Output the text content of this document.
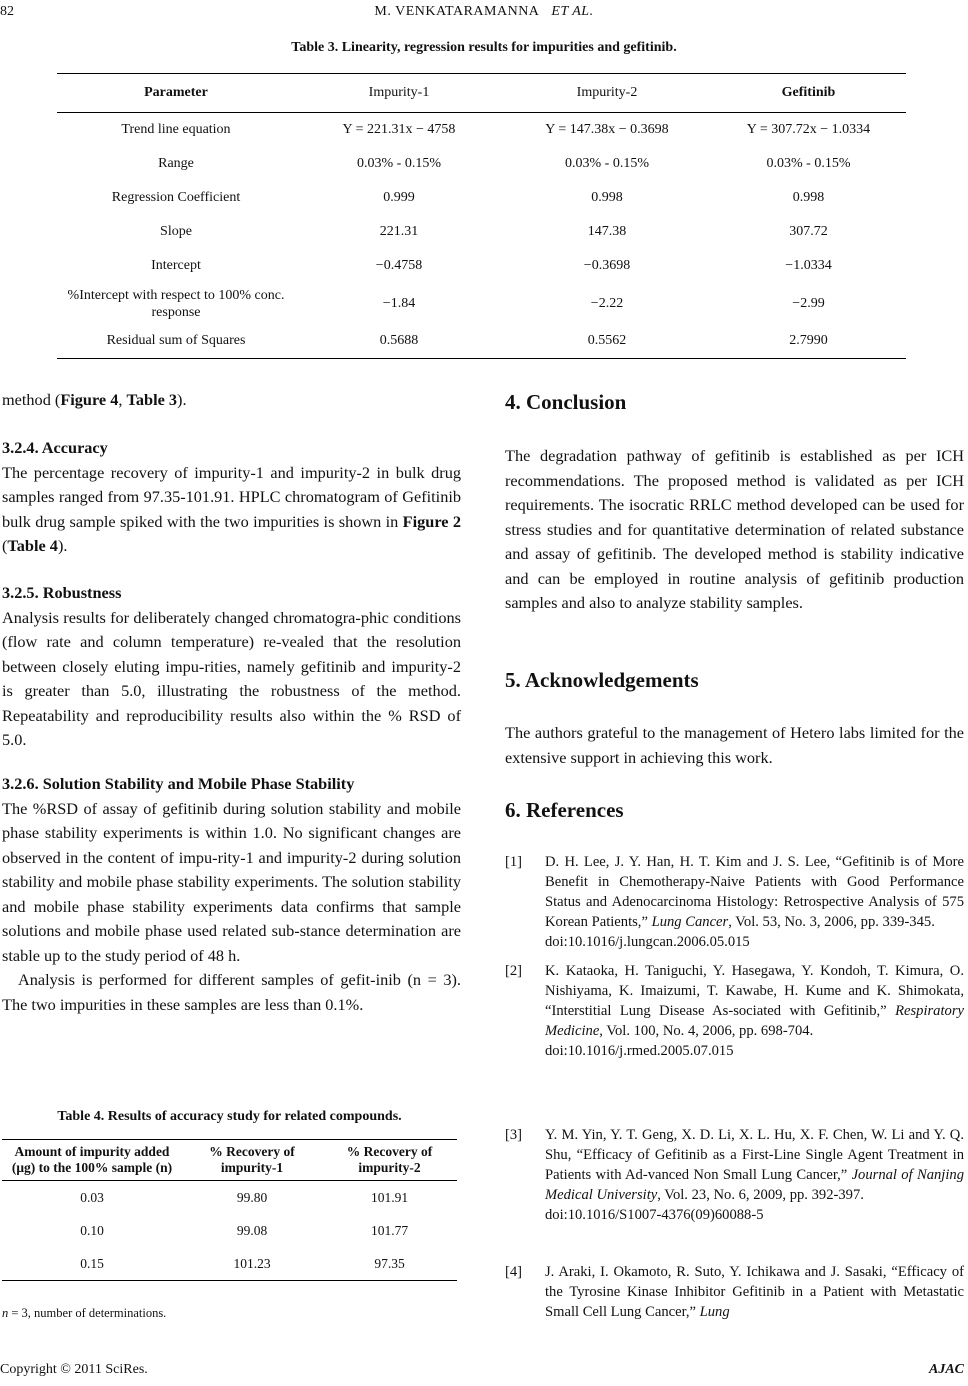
82	M. VENKATARAMANNA ET AL.
Table 3. Linearity, regression results for impurities and gefitinib.
Parameter	Impurity-1	Impurity-2	Gefitinib
Trend line equation	Y = 221.31x − 4758	Y = 147.38x − 0.3698	Y = 307.72x − 1.0334
Range	0.03% - 0.15%	0.03% - 0.15%	0.03% - 0.15%
Regression Coefficient	0.999	0.998	0.998
Slope	221.31	147.38	307.72
Intercept	−0.4758	−0.3698	−1.0334
%Intercept with respect to 100% conc. response	−1.84	−2.22	−2.99
Residual sum of Squares	0.5688	0.5562	2.7990

method (Figure 4, Table 3).

3.2.4. Accuracy

The percentage recovery of impurity-1 and impurity-2 in bulk drug samples ranged from 97.35-101.91. HPLC chromatogram of Gefitinib bulk drug sample spiked with the two impurities is shown in Figure 2 (Table 4).

3.2.5. Robustness

Analysis results for deliberately changed chromatogra-phic conditions (flow rate and column temperature) re-vealed that the resolution between closely eluting impu-rities, namely gefitinib and impurity-2 is greater than 5.0, illustrating the robustness of the method. Repeatability and reproducibility results also within the % RSD of 5.0.

3.2.6. Solution Stability and Mobile Phase Stability

The %RSD of assay of gefitinib during solution stability and mobile phase stability experiments is within 1.0. No significant changes are observed in the content of impu-rity-1 and impurity-2 during solution stability and mobile phase stability experiments. The solution stability and mobile phase stability experiments data confirms that sample solutions and mobile phase used related sub-stance determination are stable up to the study period of 48 h.

Analysis is performed for different samples of gefit-inib (n = 3). The two impurities in these samples are less than 0.1%.

Table 4. Results of accuracy study for related compounds.
Amount of impurity added (μg) to the 100% sample (n)	% Recovery of impurity-1	% Recovery of impurity-2
0.03	99.80	101.91
0.10	99.08	101.77
0.15	101.23	97.35
n = 3, number of determinations.
4. Conclusion
The degradation pathway of gefitinib is established as per ICH recommendations. The proposed method is validated as per ICH requirements. The isocratic RRLC method developed can be used for stress studies and for quantitative determination of related substance and assay of gefitinib. The developed method is stability indicative and can be employed in routine analysis of gefitinib production samples and also to analyze stability samples.
5. Acknowledgements
The authors grateful to the management of Hetero labs limited for the extensive support in achieving this work.
6. References
[1] D. H. Lee, J. Y. Han, H. T. Kim and J. S. Lee, “Gefitinib is of More Benefit in Chemotherapy-Naive Patients with Good Performance Status and Adenocarcinoma Histology: Retrospective Analysis of 575 Korean Patients,” Lung Cancer, Vol. 53, No. 3, 2006, pp. 339-345.
doi:10.1016/j.lungcan.2006.05.015
[2] K. Kataoka, H. Taniguchi, Y. Hasegawa, Y. Kondoh, T. Kimura, O. Nishiyama, K. Imaizumi, T. Kawabe, H. Kume and K. Shimokata, “Interstitial Lung Disease As-sociated with Gefitinib,” Respiratory Medicine, Vol. 100, No. 4, 2006, pp. 698-704.
doi:10.1016/j.rmed.2005.07.015
[3] Y. M. Yin, Y. T. Geng, X. D. Li, X. L. Hu, X. F. Chen, W. Li and Y. Q. Shu, “Efficacy of Gefitinib as a First-Line Single Agent Treatment in Patients with Ad-vanced Non Small Lung Cancer,” Journal of Nanjing Medical University, Vol. 23, No. 6, 2009, pp. 392-397.
doi:10.1016/S1007-4376(09)60088-5
[4] J. Araki, I. Okamoto, R. Suto, Y. Ichikawa and J. Sasaki, “Efficacy of the Tyrosine Kinase Inhibitor Gefitinib in a Patient with Metastatic Small Cell Lung Cancer,” Lung
Copyright © 2011 SciRes.	AJAC
